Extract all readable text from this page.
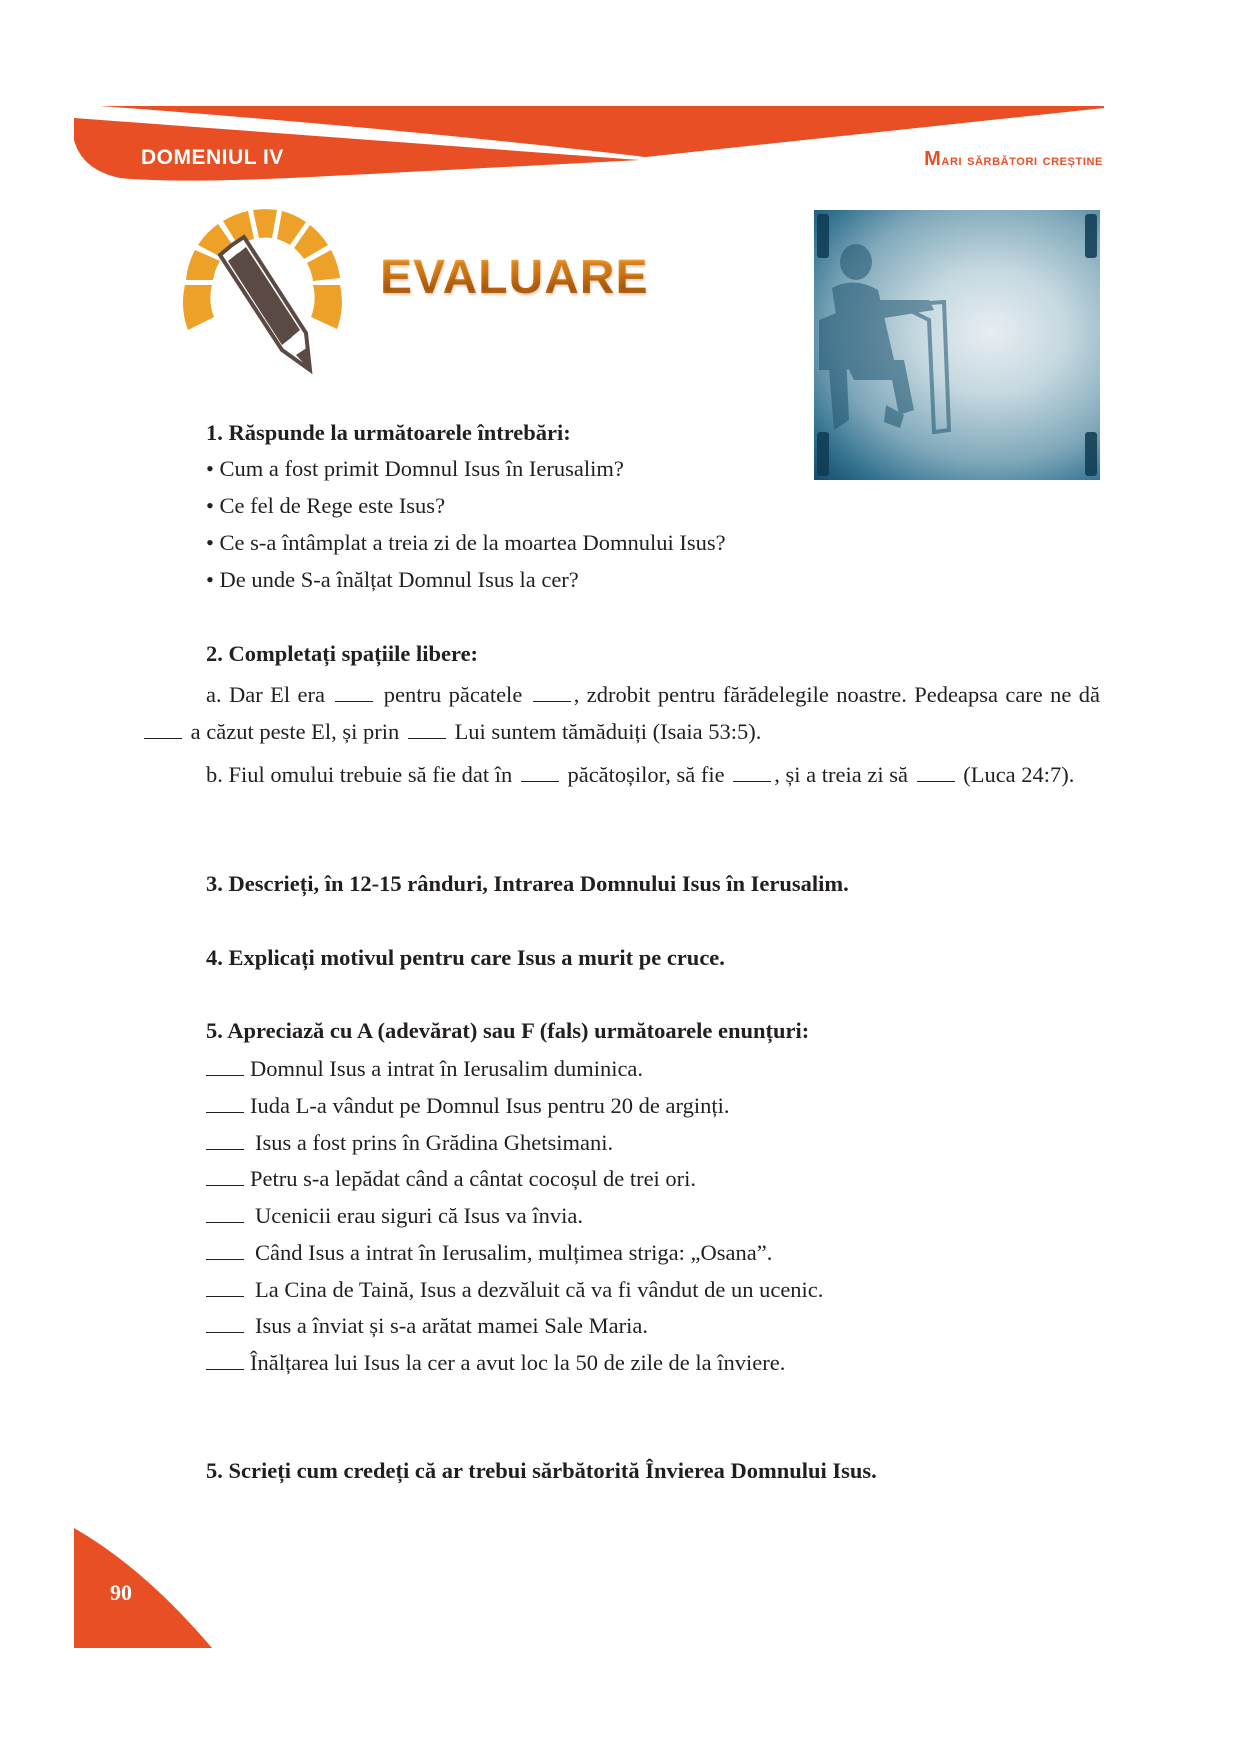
DOMENIUL IV	Mari sărbători creștine
EVALUARE
1. Răspunde la următoarele întrebări:
• Cum a fost primit Domnul Isus în Ierusalim?
• Ce fel de Rege este Isus?
• Ce s-a întâmplat a treia zi de la moartea Domnului Isus?
• De unde S-a înălțat Domnul Isus la cer?
2. Completați spațiile libere:
a. Dar El era	pentru păcatele , zdrobit pentru fărădelegile noastre. Pedeapsa care ne dă  a căzut peste El, și prin Lui suntem tămăduiți (Isaia 53:5).
b. Fiul omului trebuie să fie dat în păcătoșilor, să fie , și a treia zi să (Luca 24:7).
3. Descrieți, în 12-15 rânduri, Intrarea Domnului Isus în Ierusalim.
4. Explicați motivul pentru care Isus a murit pe cruce.
5. Apreciază cu A (adevărat) sau F (fals) următoarele enunțuri:
Domnul Isus a intrat în Ierusalim duminica.
Iuda L-a vândut pe Domnul Isus pentru 20 de arginți.
Isus a fost prins în Grădina Ghetsimani.
Petru s-a lepădat când a cântat cocoșul de trei ori.
Ucenicii erau siguri că Isus va învia.
Când Isus a intrat în Ierusalim, mulțimea striga: „Osana”.
La Cina de Taină, Isus a dezvăluit că va fi vândut de un ucenic.
Isus a înviat și s-a arătat mamei Sale Maria.
Înălțarea lui Isus la cer a avut loc la 50 de zile de la înviere.
5. Scrieți cum credeți că ar trebui sărbătorită Învierea Domnului Isus.
90
